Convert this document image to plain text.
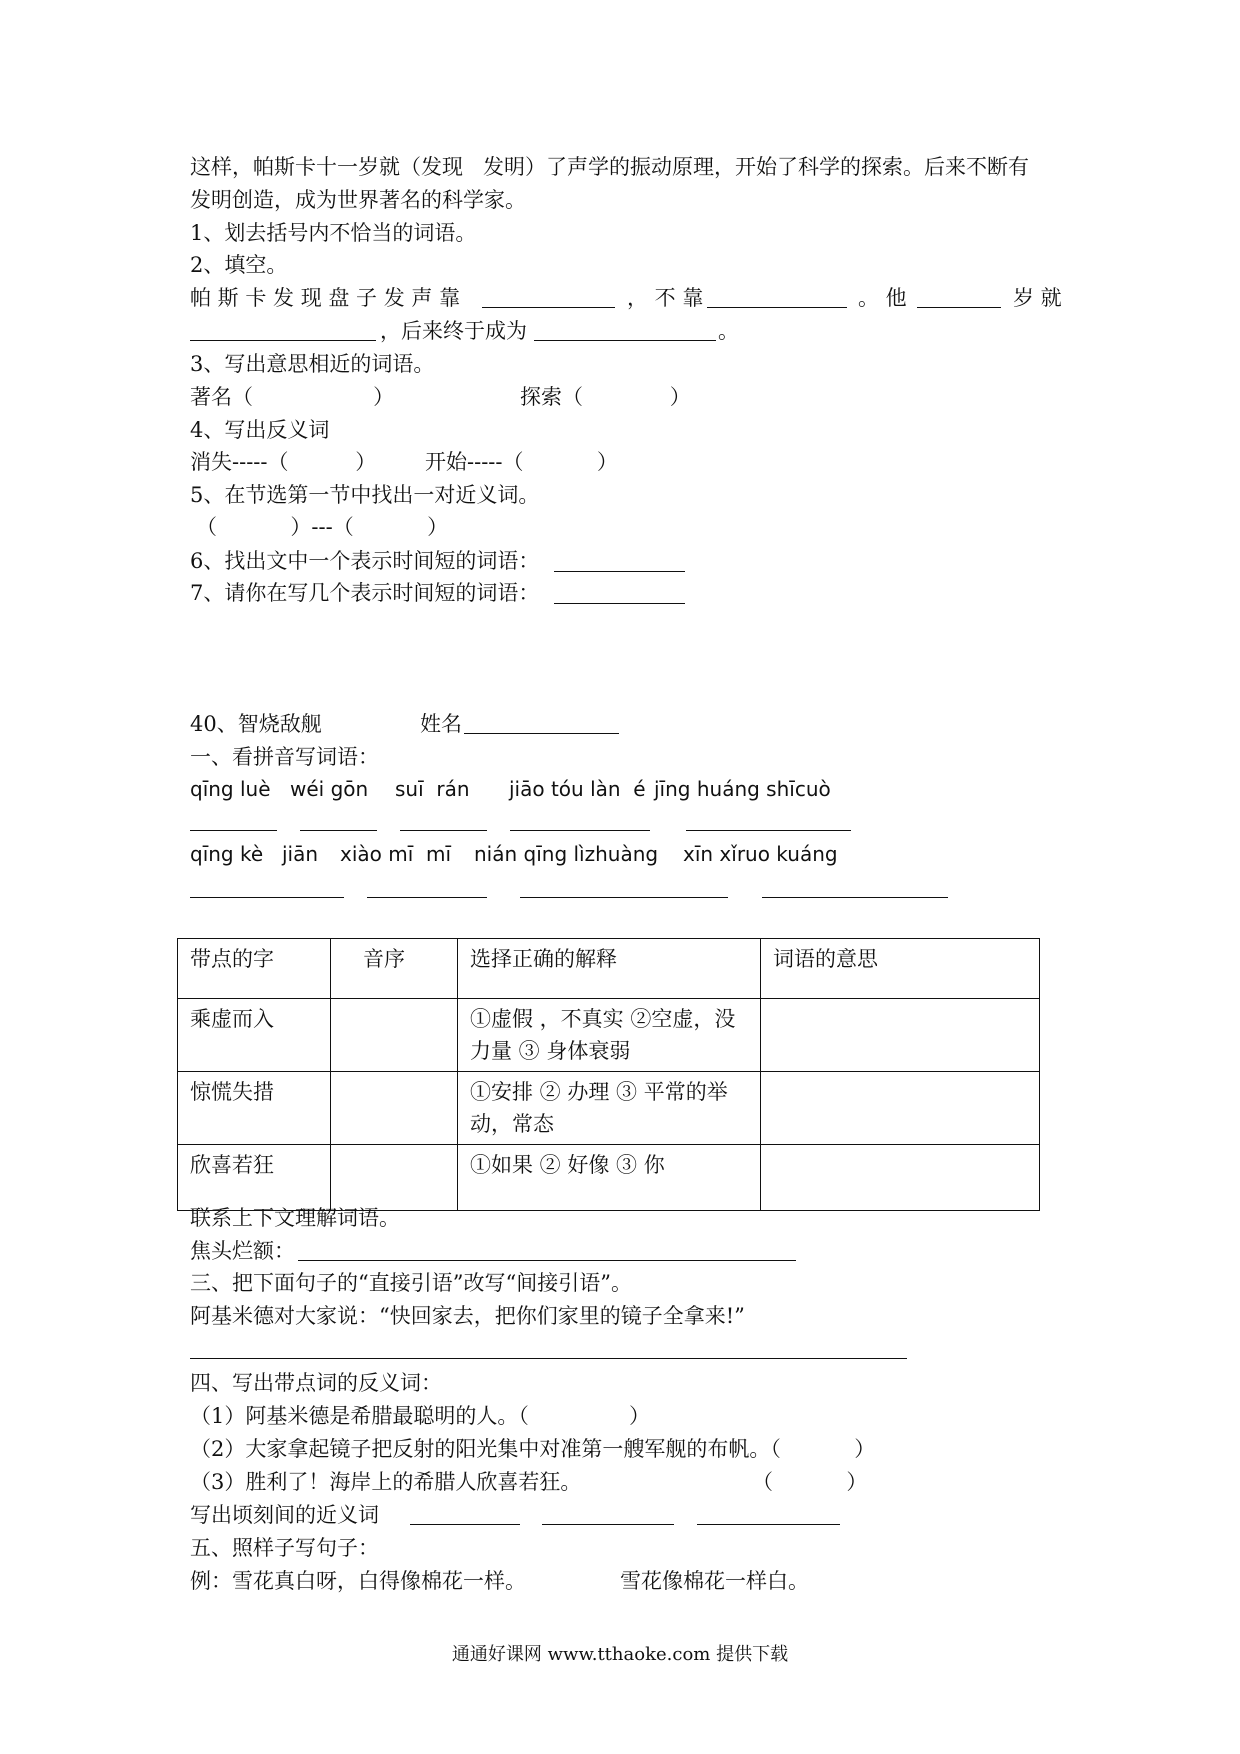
这样，帕斯卡十一岁就（发现   发明）了声学的振动原理，开始了科学的探索。后来不断有
发明创造，成为世界著名的科学家。
1、划去括号内不恰当的词语。
2、填空。
帕 斯 卡 发 现 盘 子 发 声 靠	， 不 靠	。 他	岁 就
，后来终于成为	。
3、写出意思相近的词语。
著名（                  ）	探索（             ）
4、写出反义词
消失-----（          ） 开始-----（           ）
5、在节选第一节中找出一对近义词。
（           ）---（           ）
6、找出文中一个表示时间短的词语：
7、请你在写几个表示时间短的词语：
40、智烧敌舰	姓名
一、看拼音写词语：
qīng luè wéi gōn suī  rán jiāo tóu làn  é jīng huáng shīcuò
qīng kè jiān xiào mī  mī nián qīng lìzhuàng xīn xǐruo kuáng
带点的字	音序	选择正确的解释	词语的意思
乘虚而入		①虚假 ，不真实 ②空虚，没力量 ③ 身体衰弱	
惊慌失措		①安排 ② 办理 ③ 平常的举动，常态	
欣喜若狂		①如果 ② 好像 ③ 你	
联系上下文理解词语。
焦头烂额：
三、把下面句子的“直接引语”改写“间接引语”。
阿基米德对大家说：“快回家去，把你们家里的镜子全拿来!”
四、写出带点词的反义词：
（1）阿基米德是希腊最聪明的人。（               ）
（2）大家拿起镜子把反射的阳光集中对准第一艘军舰的布帆。（           ）
（3）胜利了！海岸上的希腊人欣喜若狂。	（           ）
写出顷刻间的近义词
五、照样子写句子：
例：雪花真白呀，白得像棉花一样。	雪花像棉花一样白。
通通好课网 www.tthaoke.com 提供下载
